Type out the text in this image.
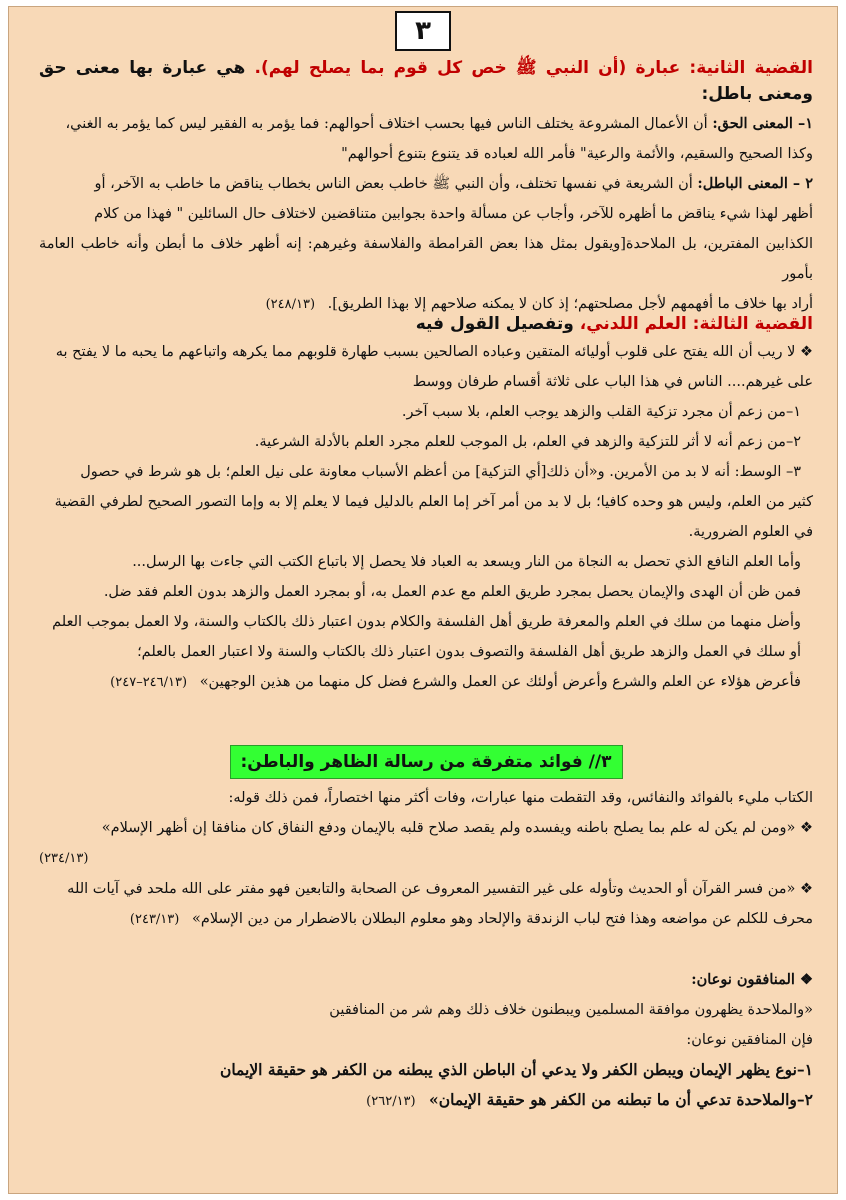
٣
القضية الثانية: عبارة (أن النبي ﷺ خص كل قوم بما يصلح لهم). هي عبارة بها معنى حق ومعنى باطل:

١– المعنى الحق: أن الأعمال المشروعة يختلف الناس فيها بحسب اختلاف أحوالهم: فما يؤمر به الفقير ليس كما يؤمر به الغني،

وكذا الصحيح والسقيم، والأئمة والرعية" فأمر الله لعباده قد يتنوع بتنوع أحوالهم"

٢ – المعنى الباطل: أن الشريعة في نفسها تختلف، وأن النبي ﷺ خاطب بعض الناس بخطاب يناقض ما خاطب به الآخر، أو

أظهر لهذا شيء يناقض ما أظهره للآخر، وأجاب عن مسألة واحدة بجوابين متناقضين لاختلاف حال السائلين " فهذا من كلام

الكذابين المفترين، بل الملاحدة[ويقول بمثل هذا بعض القرامطة والفلاسفة وغيرهم: إنه أظهر خلاف ما أبطن وأنه خاطب العامة بأمور

أراد بها خلاف ما أفهمهم لأجل مصلحتهم؛ إذ كان لا يمكنه صلاحهم إلا بهذا الطريق]. (٢٤٨/١٣)

القضية الثالثة: العلم اللدني، وتفصيل القول فيه

❖ لا ريب أن الله يفتح على قلوب أوليائه المتقين وعباده الصالحين بسبب طهارة قلوبهم مما يكرهه واتباعهم ما يحبه ما لا يفتح به

على غيرهم.... الناس في هذا الباب على ثلاثة أقسام طرفان ووسط

١–من زعم أن مجرد تزكية القلب والزهد يوجب العلم، بلا سبب آخر.

٢–من زعم أنه لا أثر للتزكية والزهد في العلم، بل الموجب للعلم مجرد العلم بالأدلة الشرعية.

٣– الوسط: أنه لا بد من الأمرين. و«أن ذلك[أي التزكية] من أعظم الأسباب معاونة على نيل العلم؛ بل هو شرط في حصول

كثير من العلم، وليس هو وحده كافيا؛ بل لا بد من أمر آخر إما العلم بالدليل فيما لا يعلم إلا به وإما التصور الصحيح لطرفي القضية

في العلوم الضرورية.

وأما العلم النافع الذي تحصل به النجاة من النار ويسعد به العباد فلا يحصل إلا باتباع الكتب التي جاءت بها الرسل...

فمن ظن أن الهدى والإيمان يحصل بمجرد طريق العلم مع عدم العمل به، أو بمجرد العمل والزهد بدون العلم فقد ضل.

وأضل منهما من سلك في العلم والمعرفة طريق أهل الفلسفة والكلام بدون اعتبار ذلك بالكتاب والسنة، ولا العمل بموجب العلم

أو سلك في العمل والزهد طريق أهل الفلسفة والتصوف بدون اعتبار ذلك بالكتاب والسنة ولا اعتبار العمل بالعلم؛

فأعرض هؤلاء عن العلم والشرع وأعرض أولئك عن العمل والشرع فضل كل منهما من هذين الوجهين» (٢٤٦/١٣–٢٤٧)

٣// فوائد متفرقة من رسالة الظاهر والباطن:

الكتاب مليء بالفوائد والنفائس، وقد التقطت منها عبارات، وفات أكثر منها اختصاراً، فمن ذلك قوله:

❖ «ومن لم يكن له علم بما يصلح باطنه ويفسده ولم يقصد صلاح قلبه بالإيمان ودفع النفاق كان منافقا إن أظهر الإسلام»

(٢٣٤/١٣)

❖ «من فسر القرآن أو الحديث وتأوله على غير التفسير المعروف عن الصحابة والتابعين فهو مفتر على الله ملحد في آيات الله

محرف للكلم عن مواضعه وهذا فتح لباب الزندقة والإلحاد وهو معلوم البطلان بالاضطرار من دين الإسلام» (٢٤٣/١٣)

❖ المنافقون نوعان:

«والملاحدة يظهرون موافقة المسلمين ويبطنون خلاف ذلك وهم شر من المنافقين

فإن المنافقين نوعان:

١–نوع يظهر الإيمان ويبطن الكفر ولا يدعي أن الباطن الذي يبطنه من الكفر هو حقيقة الإيمان

٢–والملاحدة تدعي أن ما تبطنه من الكفر هو حقيقة الإيمان» (٢٦٢/١٣)
